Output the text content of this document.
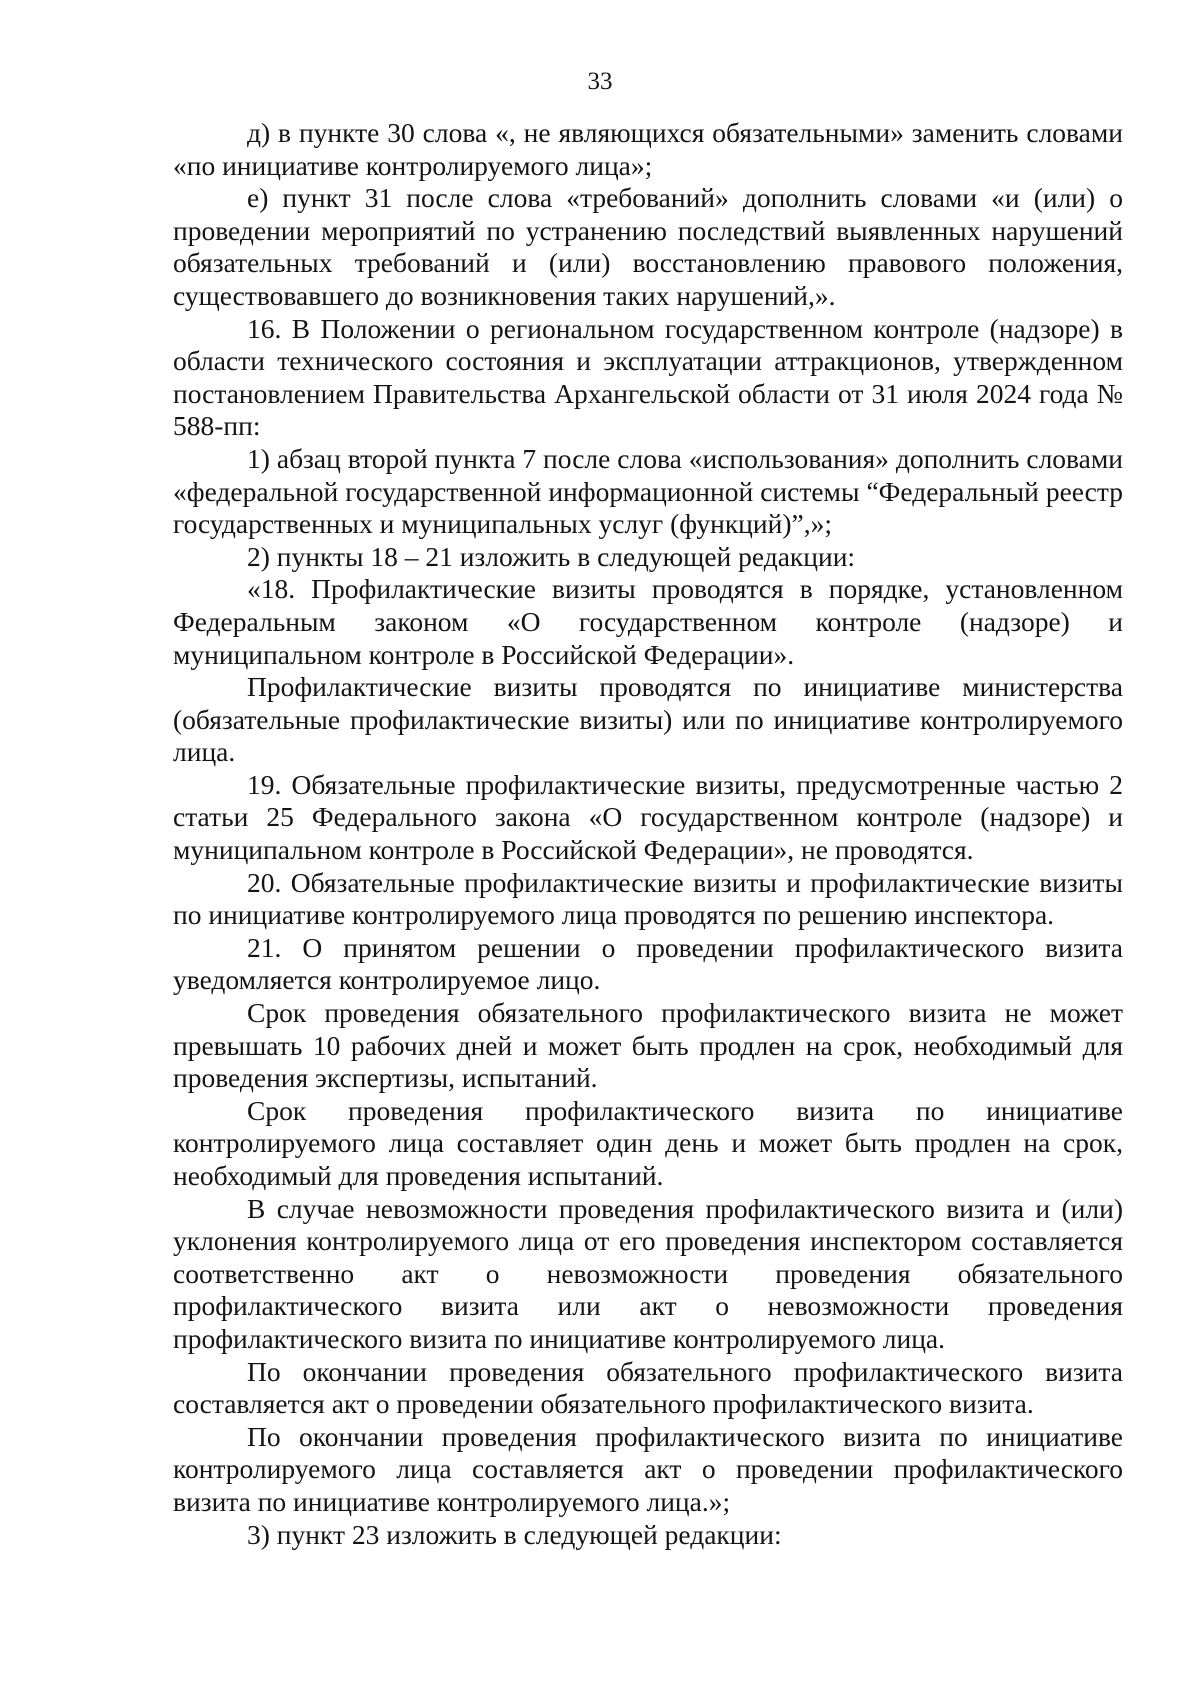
33

д) в пункте 30 слова «, не являющихся обязательными» заменить словами «по инициативе контролируемого лица»;

е) пункт 31 после слова «требований» дополнить словами «и (или) о проведении мероприятий по устранению последствий выявленных нарушений обязательных требований и (или) восстановлению правового положения, существовавшего до возникновения таких нарушений,».

16. В Положении о региональном государственном контроле (надзоре) в области технического состояния и эксплуатации аттракционов, утвержденном постановлением Правительства Архангельской области от 31 июля 2024 года № 588-пп:

1) абзац второй пункта 7 после слова «использования» дополнить словами «федеральной государственной информационной системы “Федеральный реестр государственных и муниципальных услуг (функций)”,»;

2) пункты 18 – 21 изложить в следующей редакции:

«18. Профилактические визиты проводятся в порядке, установленном Федеральным законом «О государственном контроле (надзоре) и муниципальном контроле в Российской Федерации».

Профилактические визиты проводятся по инициативе министерства (обязательные профилактические визиты) или по инициативе контролируемого лица.

19. Обязательные профилактические визиты, предусмотренные частью 2 статьи 25 Федерального закона «О государственном контроле (надзоре) и муниципальном контроле в Российской Федерации», не проводятся.

20. Обязательные профилактические визиты и профилактические визиты по инициативе контролируемого лица проводятся по решению инспектора.

21. О принятом решении о проведении профилактического визита уведомляется контролируемое лицо.

Срок проведения обязательного профилактического визита не может превышать 10 рабочих дней и может быть продлен на срок, необходимый для проведения экспертизы, испытаний.

Срок проведения профилактического визита по инициативе контролируемого лица составляет один день и может быть продлен на срок, необходимый для проведения испытаний.

В случае невозможности проведения профилактического визита и (или) уклонения контролируемого лица от его проведения инспектором составляется соответственно акт о невозможности проведения обязательного профилактического визита или акт о невозможности проведения профилактического визита по инициативе контролируемого лица.

По окончании проведения обязательного профилактического визита составляется акт о проведении обязательного профилактического визита.

По окончании проведения профилактического визита по инициативе контролируемого лица составляется акт о проведении профилактического визита по инициативе контролируемого лица.»;

3) пункт 23 изложить в следующей редакции:
